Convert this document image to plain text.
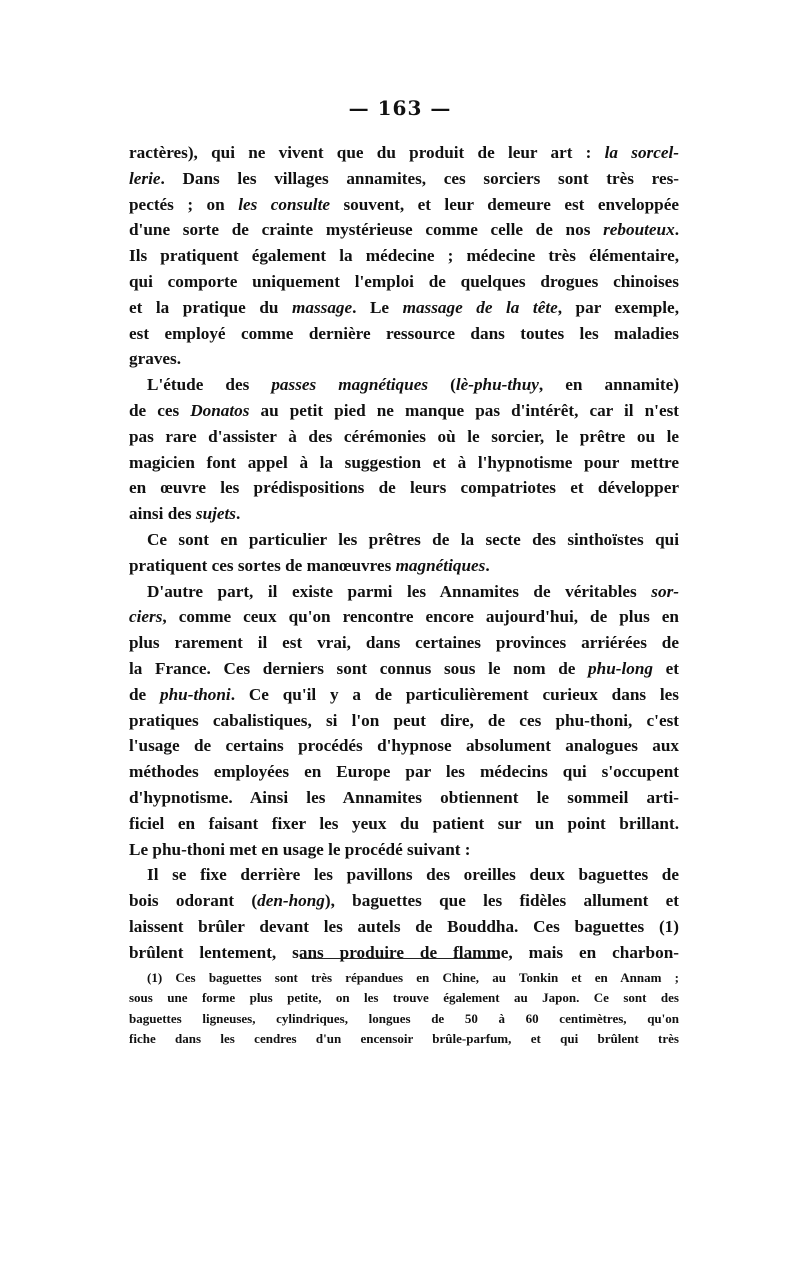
— 163 —
ractères), qui ne vivent que du produit de leur art : la sorcel-
lerie. Dans les villages annamites, ces sorciers sont très res-
pectés ; on les consulte souvent, et leur demeure est enveloppée
d'une sorte de crainte mystérieuse comme celle de nos rebouteux.
Ils pratiquent également la médecine ; médecine très élémentaire,
qui comporte uniquement l'emploi de quelques drogues chinoises
et la pratique du massage. Le massage de la tête, par exemple,
est employé comme dernière ressource dans toutes les maladies
graves.
L'étude des passes magnétiques (lè-phu-thuy, en annamite)
de ces Donatos au petit pied ne manque pas d'intérêt, car il n'est
pas rare d'assister à des cérémonies où le sorcier, le prêtre ou le
magicien font appel à la suggestion et à l'hypnotisme pour mettre
en œuvre les prédispositions de leurs compatriotes et développer
ainsi des sujets.
Ce sont en particulier les prêtres de la secte des sinthoïstes qui
pratiquent ces sortes de manœuvres magnétiques.
D'autre part, il existe parmi les Annamites de véritables sor-
ciers, comme ceux qu'on rencontre encore aujourd'hui, de plus en
plus rarement il est vrai, dans certaines provinces arriérées de
la France. Ces derniers sont connus sous le nom de phu-long et
de phu-thoni. Ce qu'il y a de particulièrement curieux dans les
pratiques cabalistiques, si l'on peut dire, de ces phu-thoni, c'est
l'usage de certains procédés d'hypnose absolument analogues aux
méthodes employées en Europe par les médecins qui s'occupent
d'hypnotisme. Ainsi les Annamites obtiennent le sommeil arti-
ficiel en faisant fixer les yeux du patient sur un point brillant.
Le phu-thoni met en usage le procédé suivant :
Il se fixe derrière les pavillons des oreilles deux baguettes de
bois odorant (den-hong), baguettes que les fidèles allument et
laissent brûler devant les autels de Bouddha. Ces baguettes (1)
brûlent lentement, sans produire de flamme, mais en charbon-
(1) Ces baguettes sont très répandues en Chine, au Tonkin et en Annam ;
sous une forme plus petite, on les trouve également au Japon. Ce sont des
baguettes ligneuses, cylindriques, longues de 50 à 60 centimètres, qu'on
fiche dans les cendres d'un encensoir brûle-parfum, et qui brûlent très
